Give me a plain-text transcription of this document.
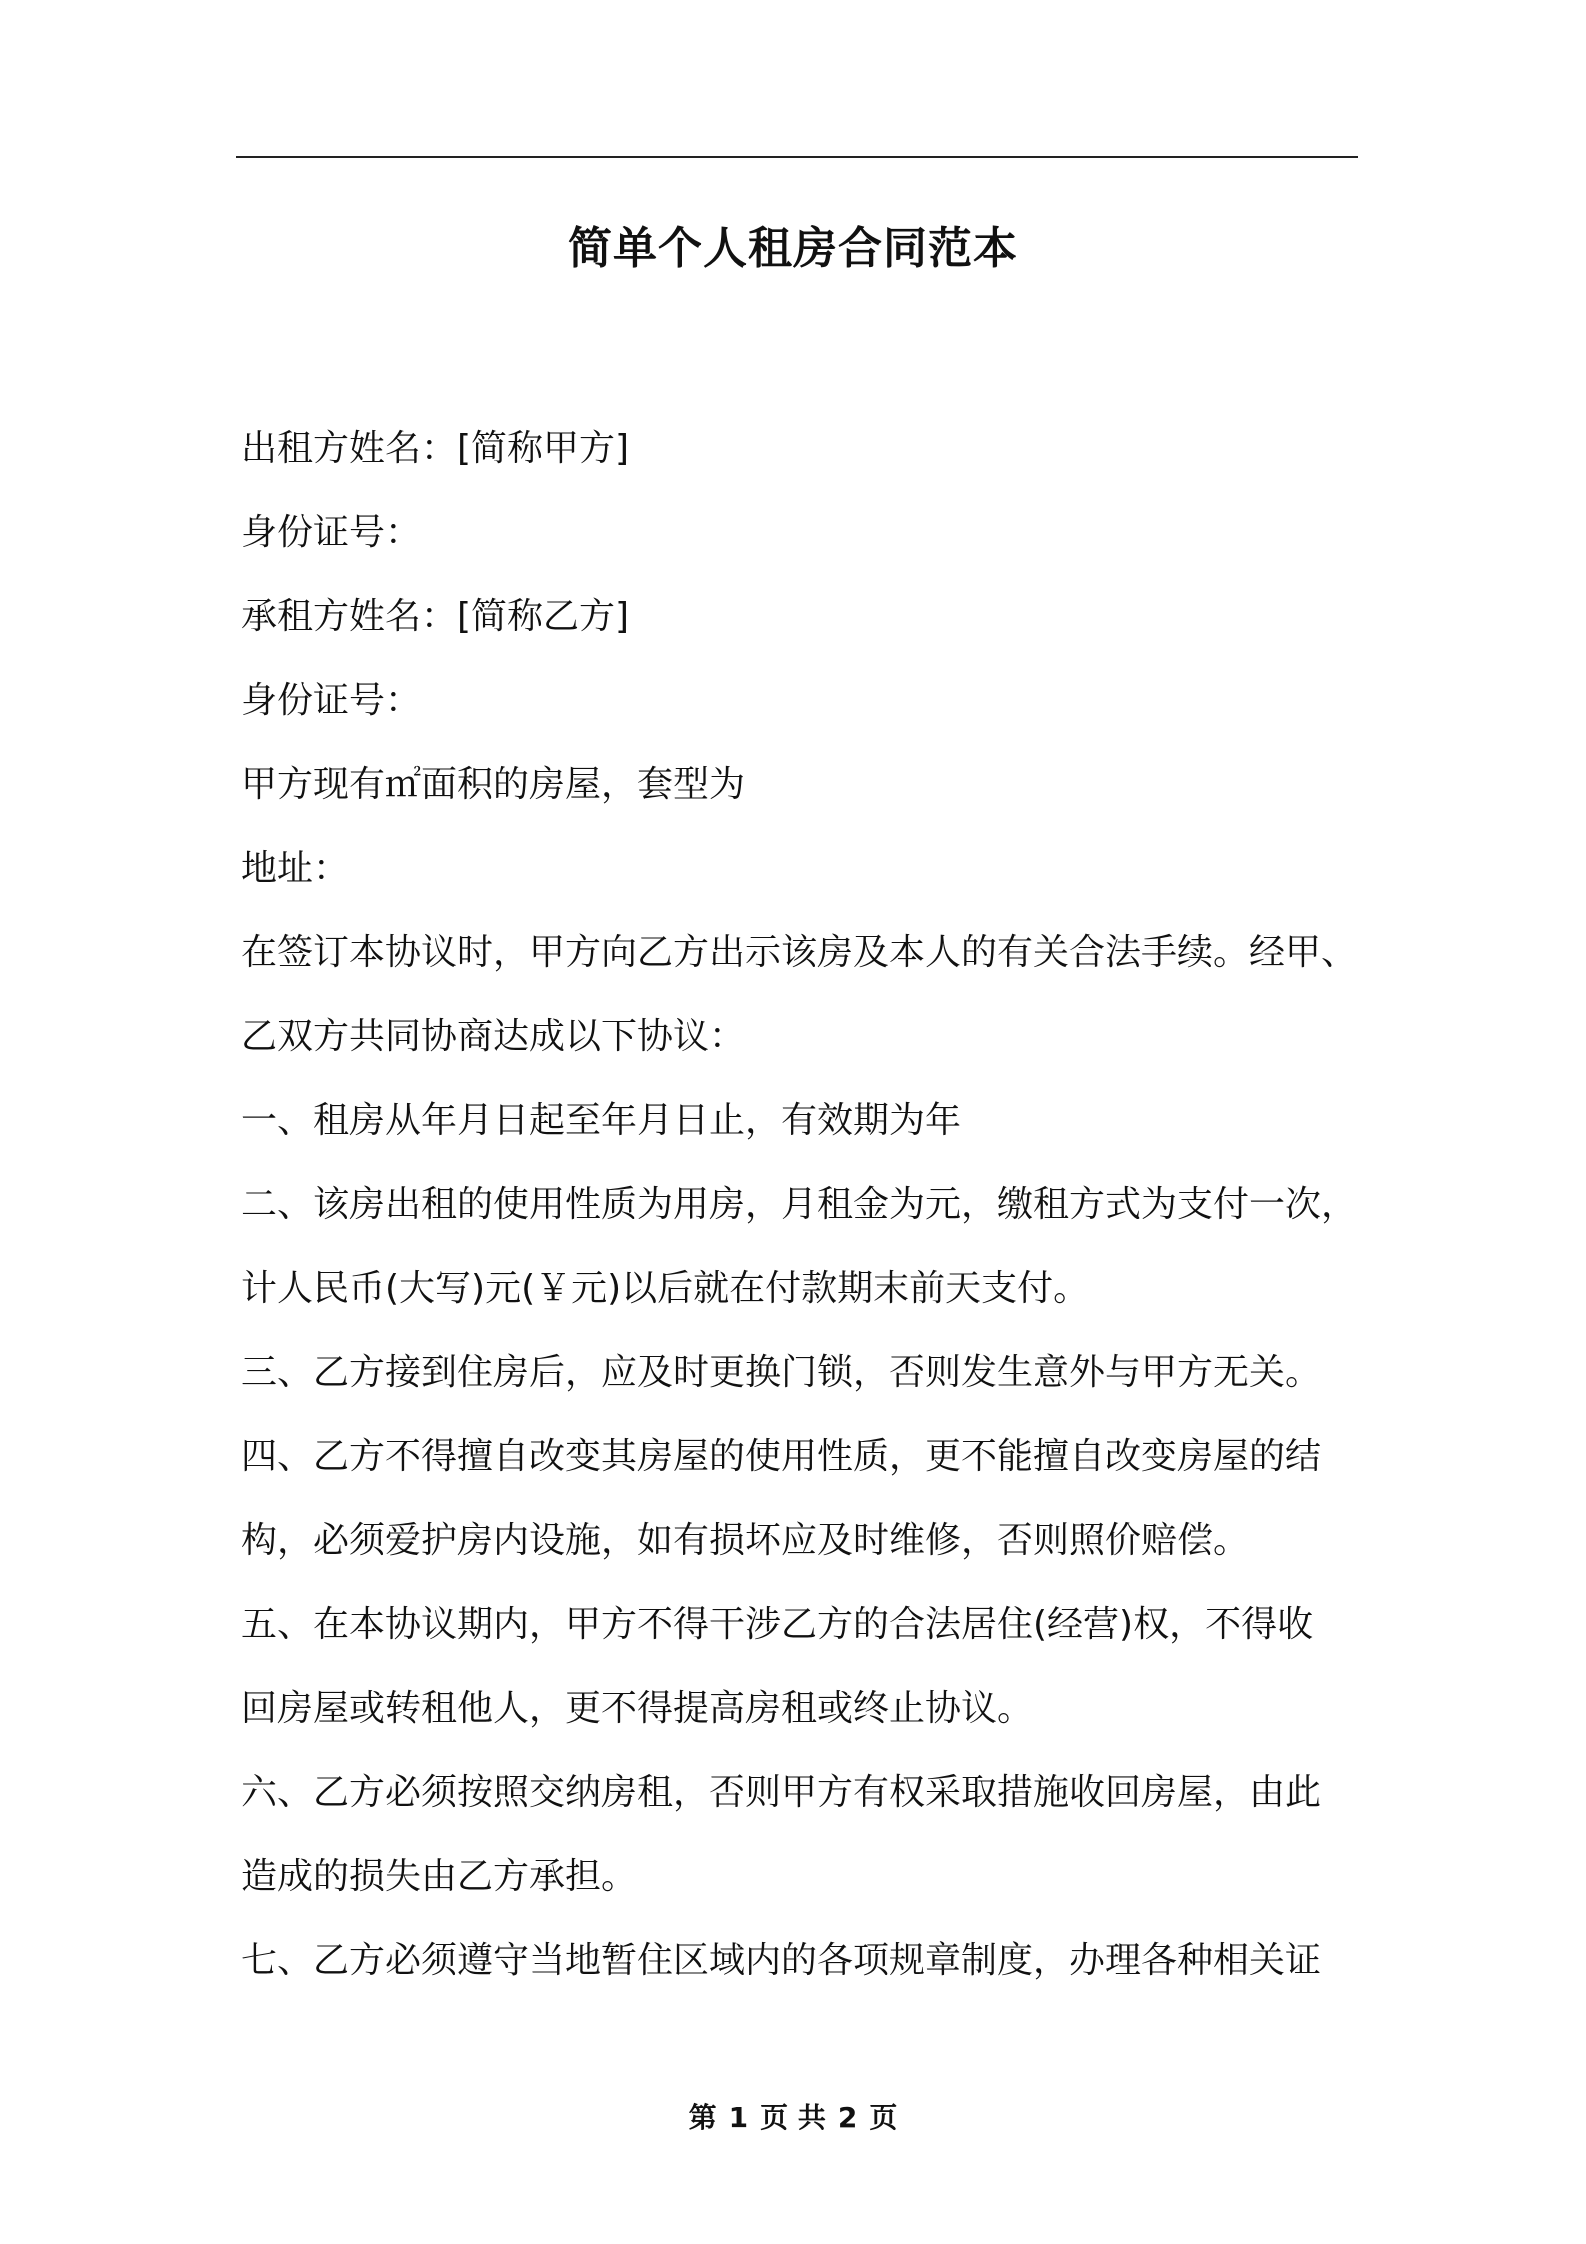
简单个人租房合同范本
出租方姓名：[简称甲方]
身份证号：
承租方姓名：[简称乙方]
身份证号：
甲方现有㎡面积的房屋，套型为
地址：
在签订本协议时，甲方向乙方出示该房及本人的有关合法手续。经甲、
乙双方共同协商达成以下协议：
一、租房从年月日起至年月日止，有效期为年
二、该房出租的使用性质为用房，月租金为元，缴租方式为支付一次，
计人民币(大写)元(￥元)以后就在付款期末前天支付。
三、乙方接到住房后，应及时更换门锁，否则发生意外与甲方无关。
四、乙方不得擅自改变其房屋的使用性质，更不能擅自改变房屋的结
构，必须爱护房内设施，如有损坏应及时维修，否则照价赔偿。
五、在本协议期内，甲方不得干涉乙方的合法居住(经营)权，不得收
回房屋或转租他人，更不得提高房租或终止协议。
六、乙方必须按照交纳房租，否则甲方有权采取措施收回房屋，由此
造成的损失由乙方承担。
七、乙方必须遵守当地暂住区域内的各项规章制度，办理各种相关证
第 1 页 共 2 页
